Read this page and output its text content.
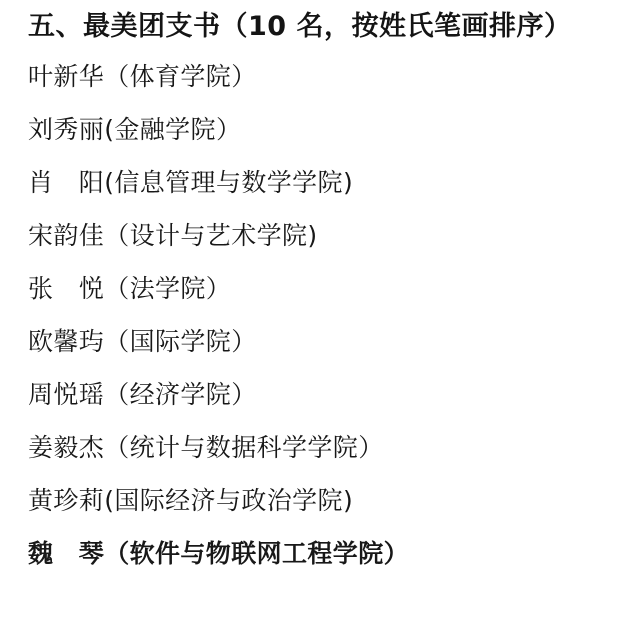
五、最美团支书（10 名，按姓氏笔画排序）
叶新华（体育学院）
刘秀丽(金融学院）
肖　阳(信息管理与数学学院)
宋韵佳（设计与艺术学院)
张　悦（法学院）
欧馨玙（国际学院）
周悦瑶（经济学院）
姜毅杰（统计与数据科学学院）
黄珍莉(国际经济与政治学院)
魏　琴（软件与物联网工程学院）
